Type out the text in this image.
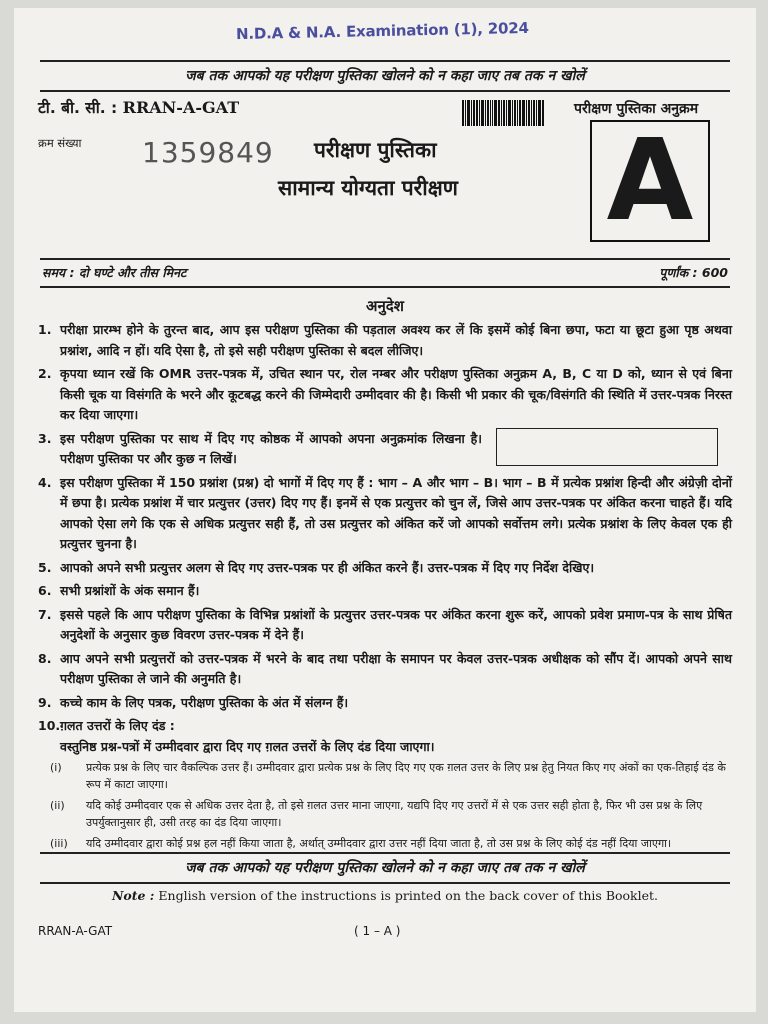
N.D.A & N.A. Examination (1), 2024
जब तक आपको यह परीक्षण पुस्तिका खोलने को न कहा जाए तब तक न खोलें
टी. बी. सी. : RRAN-A-GAT	परीक्षण पुस्तिका अनुक्रम
क्रम संख्या 1359849 परीक्षण पुस्तिका
सामान्य योग्यता परीक्षण A
समय : दो घण्टे और तीस मिनट	पूर्णांक : 600
अनुदेश
1. परीक्षा प्रारम्भ होने के तुरन्त बाद, आप इस परीक्षण पुस्तिका की पड़ताल अवश्य कर लें कि इसमें कोई बिना छपा, फटा या छूटा हुआ पृष्ठ अथवा प्रश्नांश, आदि न हों। यदि ऐसा है, तो इसे सही परीक्षण पुस्तिका से बदल लीजिए।
2. कृपया ध्यान रखें कि OMR उत्तर-पत्रक में, उचित स्थान पर, रोल नम्बर और परीक्षण पुस्तिका अनुक्रम A, B, C या D को, ध्यान से एवं बिना किसी चूक या विसंगति के भरने और कूटबद्ध करने की जिम्मेदारी उम्मीदवार की है। किसी भी प्रकार की चूक/विसंगति की स्थिति में उत्तर-पत्रक निरस्त कर दिया जाएगा।
3. इस परीक्षण पुस्तिका पर साथ में दिए गए कोष्ठक में आपको अपना अनुक्रमांक लिखना है। परीक्षण पुस्तिका पर और कुछ न लिखें।
4. इस परीक्षण पुस्तिका में 150 प्रश्नांश (प्रश्न) दो भागों में दिए गए हैं : भाग – A और भाग – B। भाग – B में प्रत्येक प्रश्नांश हिन्दी और अंग्रेज़ी दोनों में छपा है। प्रत्येक प्रश्नांश में चार प्रत्युत्तर (उत्तर) दिए गए हैं। इनमें से एक प्रत्युत्तर को चुन लें, जिसे आप उत्तर-पत्रक पर अंकित करना चाहते हैं। यदि आपको ऐसा लगे कि एक से अधिक प्रत्युत्तर सही हैं, तो उस प्रत्युत्तर को अंकित करें जो आपको सर्वोत्तम लगे। प्रत्येक प्रश्नांश के लिए केवल एक ही प्रत्युत्तर चुनना है।
5. आपको अपने सभी प्रत्युत्तर अलग से दिए गए उत्तर-पत्रक पर ही अंकित करने हैं। उत्तर-पत्रक में दिए गए निर्देश देखिए।
6. सभी प्रश्नांशों के अंक समान हैं।
7. इससे पहले कि आप परीक्षण पुस्तिका के विभिन्न प्रश्नांशों के प्रत्युत्तर उत्तर-पत्रक पर अंकित करना शुरू करें, आपको प्रवेश प्रमाण-पत्र के साथ प्रेषित अनुदेशों के अनुसार कुछ विवरण उत्तर-पत्रक में देने हैं।
8. आप अपने सभी प्रत्युत्तरों को उत्तर-पत्रक में भरने के बाद तथा परीक्षा के समापन पर केवल उत्तर-पत्रक अधीक्षक को सौंप दें। आपको अपने साथ परीक्षण पुस्तिका ले जाने की अनुमति है।
9. कच्चे काम के लिए पत्रक, परीक्षण पुस्तिका के अंत में संलग्न हैं।
10. ग़लत उत्तरों के लिए दंड :
वस्तुनिष्ठ प्रश्न-पत्रों में उम्मीदवार द्वारा दिए गए ग़लत उत्तरों के लिए दंड दिया जाएगा।
(i)	प्रत्येक प्रश्न के लिए चार वैकल्पिक उत्तर हैं। उम्मीदवार द्वारा प्रत्येक प्रश्न के लिए दिए गए एक ग़लत उत्तर के लिए प्रश्न हेतु नियत किए गए अंकों का एक-तिहाई दंड के रूप में काटा जाएगा।
(ii)	यदि कोई उम्मीदवार एक से अधिक उत्तर देता है, तो इसे ग़लत उत्तर माना जाएगा, यद्यपि दिए गए उत्तरों में से एक उत्तर सही होता है, फिर भी उस प्रश्न के लिए उपर्युक्तानुसार ही, उसी तरह का दंड दिया जाएगा।
(iii)	यदि उम्मीदवार द्वारा कोई प्रश्न हल नहीं किया जाता है, अर्थात् उम्मीदवार द्वारा उत्तर नहीं दिया जाता है, तो उस प्रश्न के लिए कोई दंड नहीं दिया जाएगा।
जब तक आपको यह परीक्षण पुस्तिका खोलने को न कहा जाए तब तक न खोलें
Note : English version of the instructions is printed on the back cover of this Booklet.
RRAN-A-GAT	( 1 – A )
